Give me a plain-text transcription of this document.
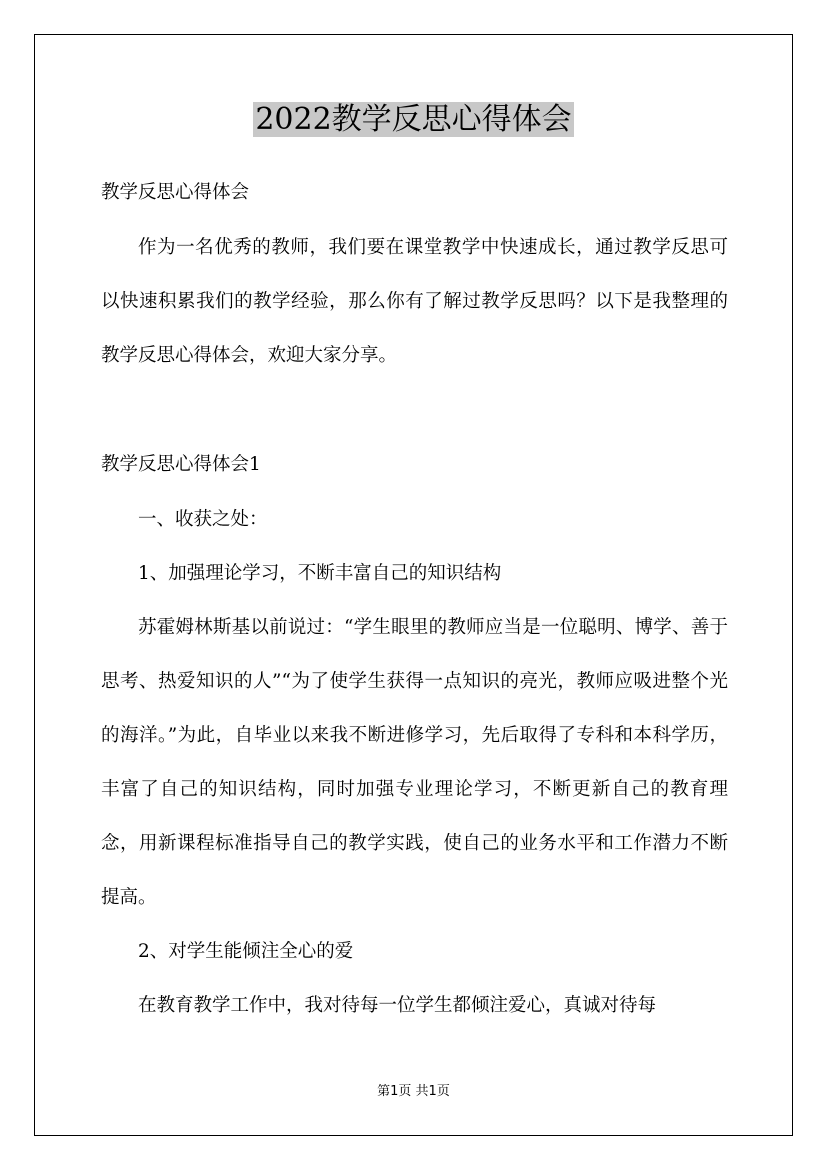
2022教学反思心得体会

教学反思心得体会

作为一名优秀的教师，我们要在课堂教学中快速成长，通过教学反思可以快速积累我们的教学经验，那么你有了解过教学反思吗？以下是我整理的教学反思心得体会，欢迎大家分享。

教学反思心得体会1

一、收获之处：

1、加强理论学习，不断丰富自己的知识结构

苏霍姆林斯基以前说过：“学生眼里的教师应当是一位聪明、博学、善于思考、热爱知识的人”“为了使学生获得一点知识的亮光，教师应吸进整个光的海洋。”为此，自毕业以来我不断进修学习，先后取得了专科和本科学历，丰富了自己的知识结构，同时加强专业理论学习，不断更新自己的教育理念，用新课程标准指导自己的教学实践，使自己的业务水平和工作潜力不断提高。

2、对学生能倾注全心的爱

在教育教学工作中，我对待每一位学生都倾注爱心，真诚对待每

第1页 共1页
